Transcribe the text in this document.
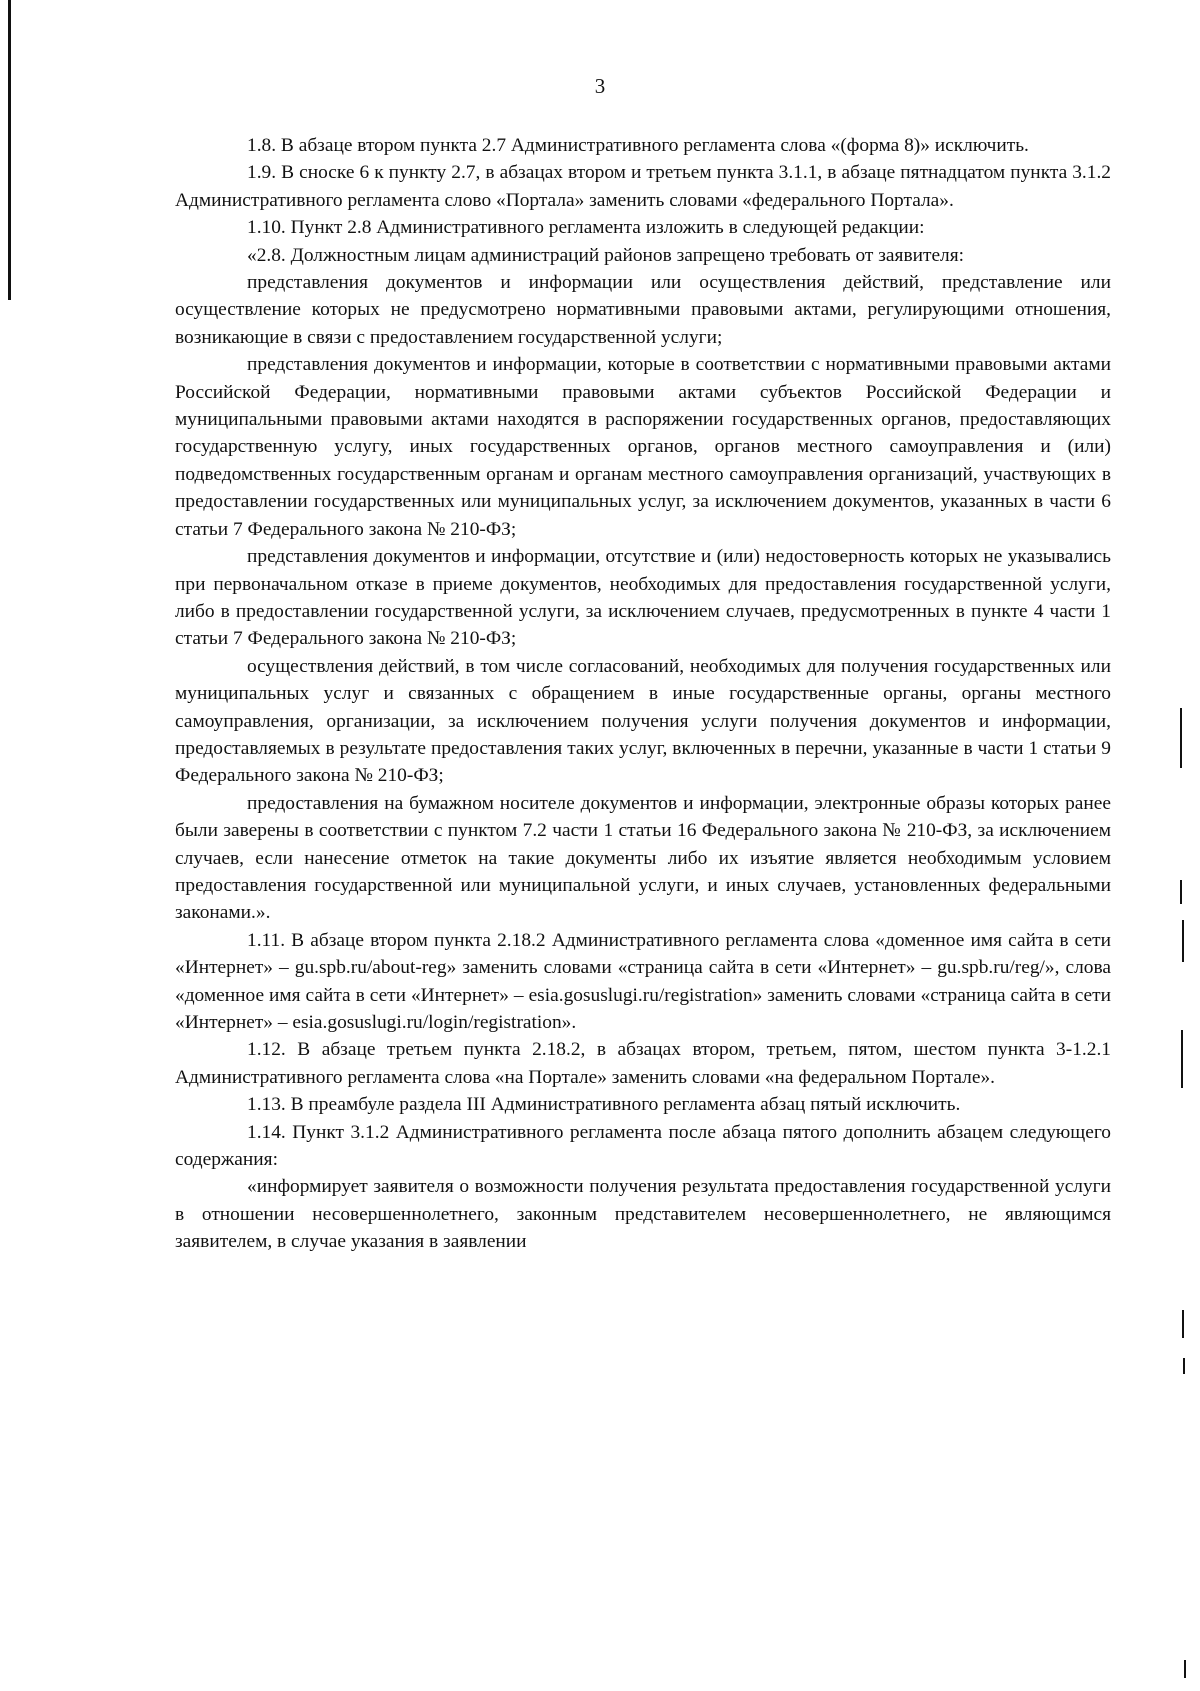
3

1.8. В абзаце втором пункта 2.7 Административного регламента слова «(форма 8)» исключить.

1.9. В сноске 6 к пункту 2.7, в абзацах втором и третьем пункта 3.1.1, в абзаце пятнадцатом пункта 3.1.2 Административного регламента слово «Портала» заменить словами «федерального Портала».

1.10. Пункт 2.8 Административного регламента изложить в следующей редакции:

«2.8. Должностным лицам администраций районов запрещено требовать от заявителя:

представления документов и информации или осуществления действий, представление или осуществление которых не предусмотрено нормативными правовыми актами, регулирующими отношения, возникающие в связи с предоставлением государственной услуги;

представления документов и информации, которые в соответствии с нормативными правовыми актами Российской Федерации, нормативными правовыми актами субъектов Российской Федерации и муниципальными правовыми актами находятся в распоряжении государственных органов, предоставляющих государственную услугу, иных государственных органов, органов местного самоуправления и (или) подведомственных государственным органам и органам местного самоуправления организаций, участвующих в предоставлении государственных или муниципальных услуг, за исключением документов, указанных в части 6 статьи 7 Федерального закона № 210-ФЗ;

представления документов и информации, отсутствие и (или) недостоверность которых не указывались при первоначальном отказе в приеме документов, необходимых для предоставления государственной услуги, либо в предоставлении государственной услуги, за исключением случаев, предусмотренных в пункте 4 части 1 статьи 7 Федерального закона № 210-ФЗ;

осуществления действий, в том числе согласований, необходимых для получения государственных или муниципальных услуг и связанных с обращением в иные государственные органы, органы местного самоуправления, организации, за исключением получения услуги получения документов и информации, предоставляемых в результате предоставления таких услуг, включенных в перечни, указанные в части 1 статьи 9 Федерального закона № 210-ФЗ;

предоставления на бумажном носителе документов и информации, электронные образы которых ранее были заверены в соответствии с пунктом 7.2 части 1 статьи 16 Федерального закона № 210-ФЗ, за исключением случаев, если нанесение отметок на такие документы либо их изъятие является необходимым условием предоставления государственной или муниципальной услуги, и иных случаев, установленных федеральными законами.».

1.11. В абзаце втором пункта 2.18.2 Административного регламента слова «доменное имя сайта в сети «Интернет» – gu.spb.ru/about-reg» заменить словами «страница сайта в сети «Интернет» – gu.spb.ru/reg/», слова «доменное имя сайта в сети «Интернет» – esia.gosuslugi.ru/registration» заменить словами «страница сайта в сети «Интернет» – esia.gosuslugi.ru/login/registration».

1.12. В абзаце третьем пункта 2.18.2, в абзацах втором, третьем, пятом, шестом пункта 3-1.2.1 Административного регламента слова «на Портале» заменить словами «на федеральном Портале».

1.13. В преамбуле раздела III Административного регламента абзац пятый исключить.

1.14. Пункт 3.1.2 Административного регламента после абзаца пятого дополнить абзацем следующего содержания:

«информирует заявителя о возможности получения результата предоставления государственной услуги в отношении несовершеннолетнего, законным представителем несовершеннолетнего, не являющимся заявителем, в случае указания в заявлении
